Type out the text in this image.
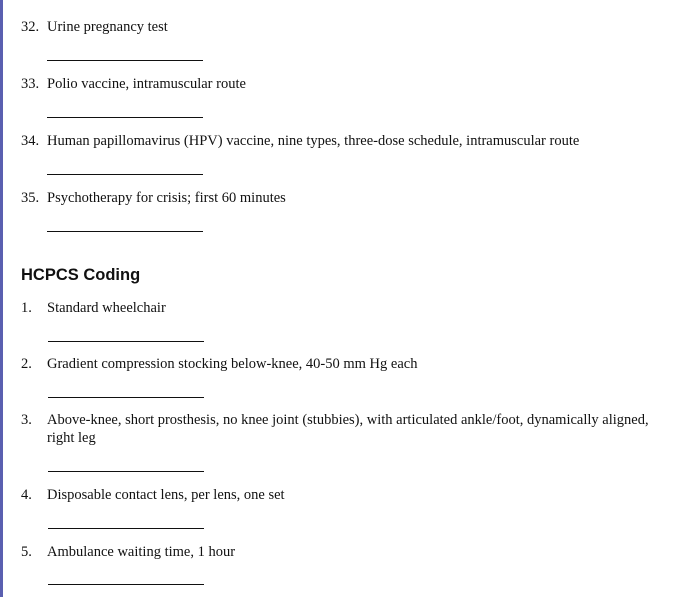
32. Urine pregnancy test
33. Polio vaccine, intramuscular route
34. Human papillomavirus (HPV) vaccine, nine types, three-dose schedule, intramuscular route
35. Psychotherapy for crisis; first 60 minutes
HCPCS Coding
1. Standard wheelchair
2. Gradient compression stocking below-knee, 40-50 mm Hg each
3. Above-knee, short prosthesis, no knee joint (stubbies), with articulated ankle/foot, dynamically aligned, right leg
4. Disposable contact lens, per lens, one set
5. Ambulance waiting time, 1 hour
